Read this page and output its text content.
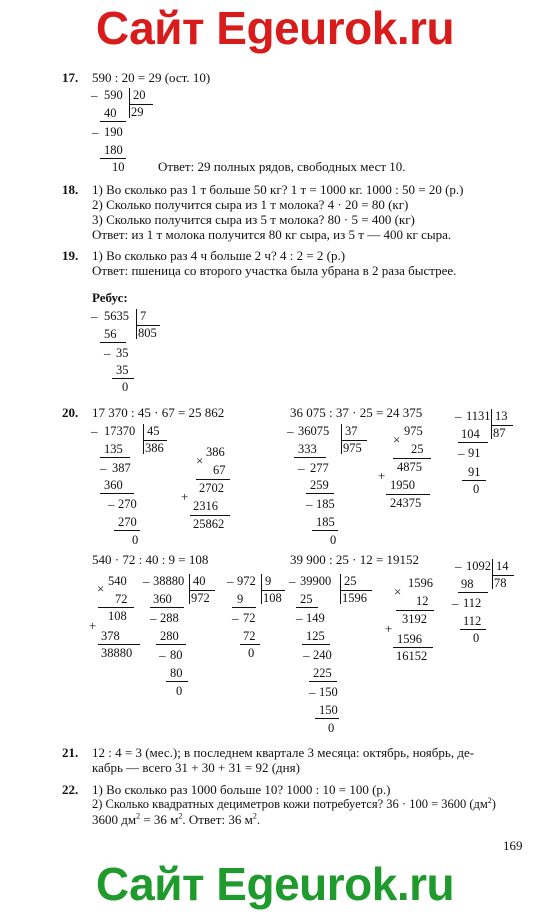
Сайт Egeurok.ru
17. 590 : 20 = 29 (ост. 10)
_ 590 20
29
40
_ 190
180
10	Ответ: 29 полных рядов, свободных мест 10.
18. 1) Во сколько раз 1 т больше 50 кг? 1 т = 1000 кг. 1000 : 50 = 20 (р.)
2) Сколько получится сыра из 1 т молока? 4 · 20 = 80 (кг)
3) Сколько получится сыра из 5 т молока? 80 · 5 = 400 (кг)
Ответ: из 1 т молока получится 80 кг сыра, из 5 т — 400 кг сыра.
19. 1) Во сколько раз 4 ч больше 2 ч? 4 : 2 = 2 (р.)
Ответ: пшеница со второго участка была убрана в 2 раза быстрее.
Ребус:
_ 5635 7
805
56
_ 35
35
0
20. 17 370 : 45 · 67 = 25 862	36 075 : 37 · 25 = 24 375
_ 17370 45
386
135
_ 387
360
_ 270
270
0
386
×
67
2702
+
2316
25862
_ 36075 37
975
333
_ 277
259
_ 185
185
0
975
×
25
4875
+
1950
24375
_ 1131 13
87
104
_ 91
91
0
540 · 72 : 40 : 9 = 108	39 900 : 25 · 12 = 19152
540
×
72
108
+
378
38880
_ 38880 40
972
360
_ 288
280
_ 80
80
0
_ 972 9
108
9
_ 72
72
0
_ 39900 25
1596
25
_ 149
125
_ 240
225
_ 150
150
0
1596
×
12
3192
+
1596
16152
_ 1092 14
78
98
_ 112
112
0
21. 12 : 4 = 3 (мес.); в последнем квартале 3 месяца: октябрь, ноябрь, де-
кабрь — всего 31 + 30 + 31 = 92 (дня)
22. 1) Во сколько раз 1000 больше 10? 1000 : 10 = 100 (р.)
2) Сколько квадратных дециметров кожи потребуется? 36 · 100 = 3600 $(дм^2)$
3600 $дм^2 = 36$ $м^2$. Ответ: 36 $м^2$.
169
Сайт Egeurok.ru
